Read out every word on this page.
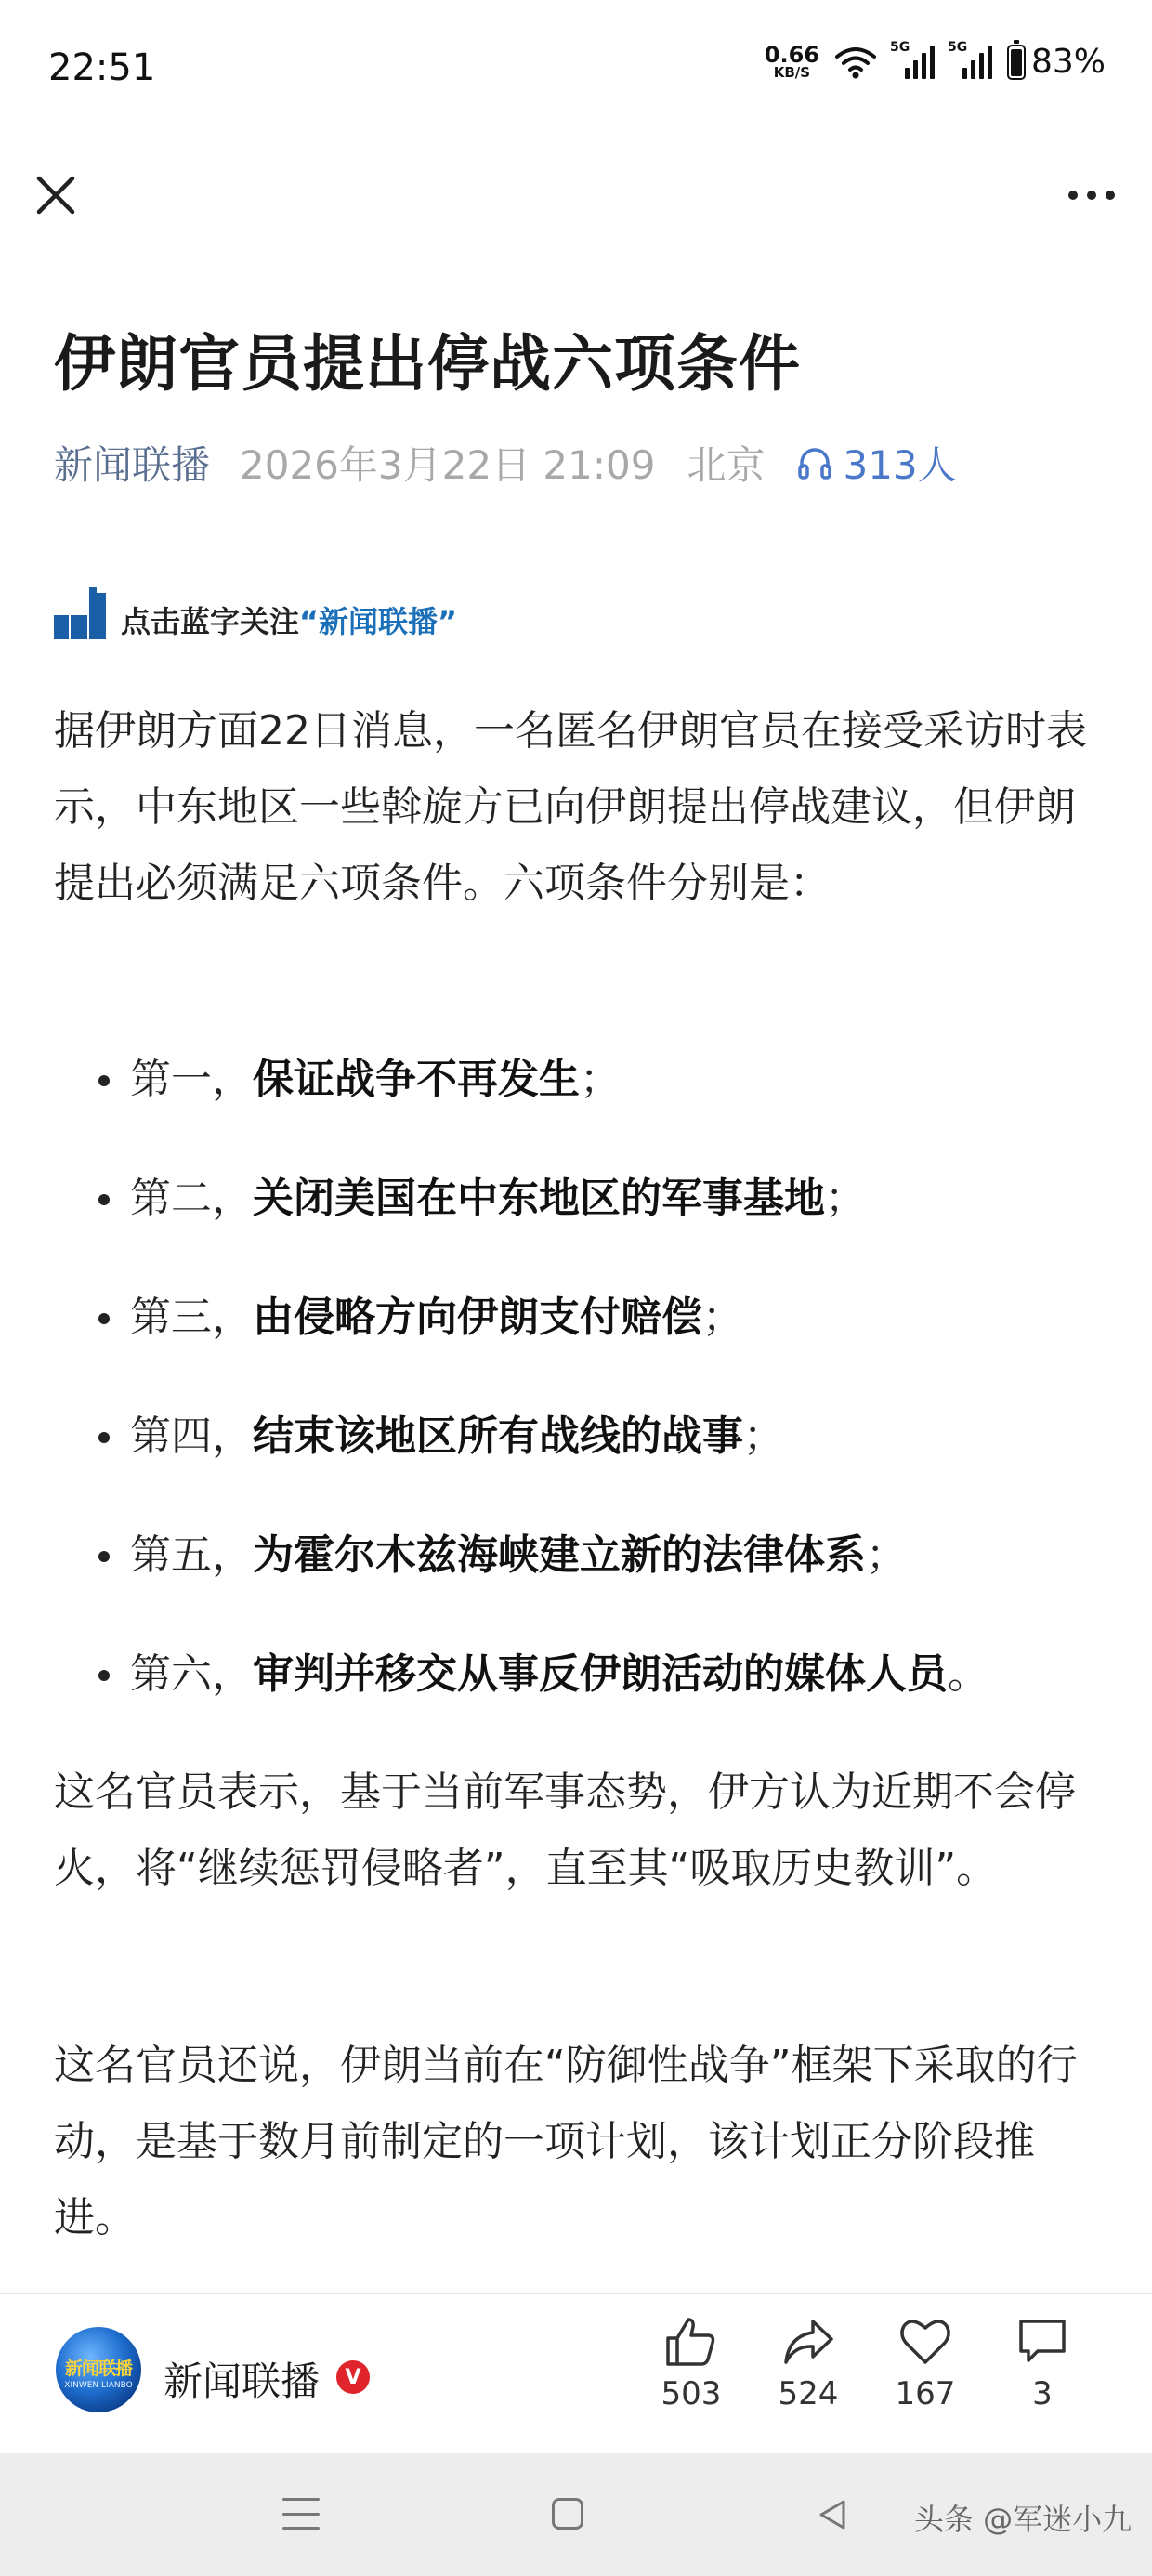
22:51	0.66
KB/S
5G	5G 83%
伊朗官员提出停战六项条件
新闻联播 2026年3月22日 21:09 北京 313人
点击蓝字关注“新闻联播”
据伊朗方面22日消息，一名匿名伊朗官员在接受采访时表示，中东地区一些斡旋方已向伊朗提出停战建议，但伊朗提出必须满足六项条件。六项条件分别是：
第一，保证战争不再发生；
第二，关闭美国在中东地区的军事基地；
第三，由侵略方向伊朗支付赔偿；
第四，结束该地区所有战线的战事；
第五，为霍尔木兹海峡建立新的法律体系；
第六，审判并移交从事反伊朗活动的媒体人员。
这名官员表示，基于当前军事态势，伊方认为近期不会停火，将“继续惩罚侵略者”，直至其“吸取历史教训”。
这名官员还说，伊朗当前在“防御性战争”框架下采取的行动，是基于数月前制定的一项计划，该计划正分阶段推进。
新闻联播
XINWEN LIANBO 新闻联播	V	503 524 167 3
头条 @军迷小九
